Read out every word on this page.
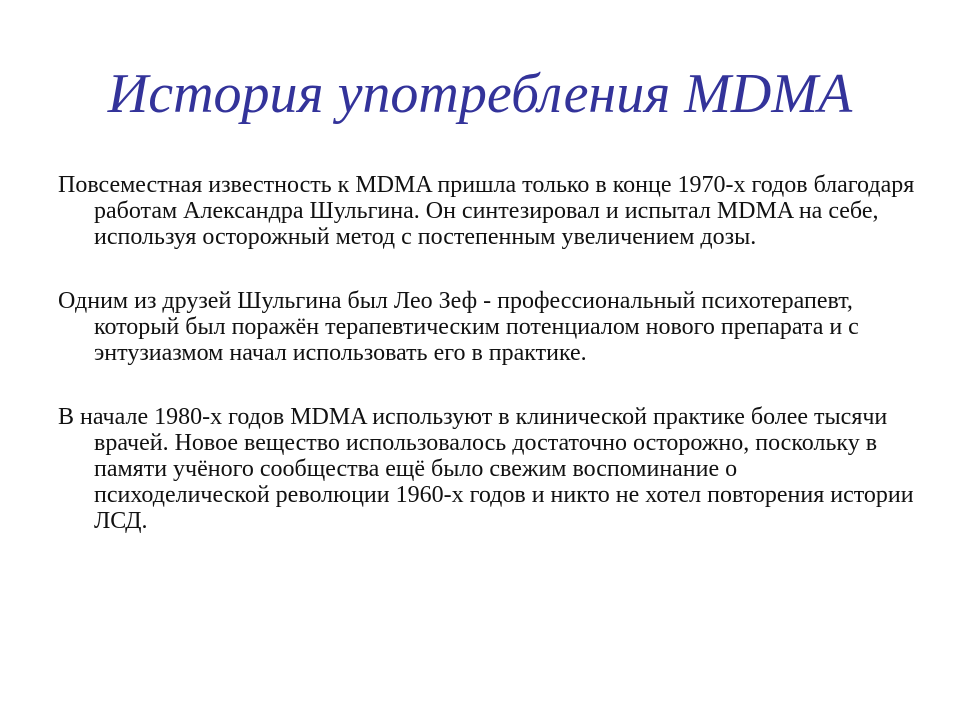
История употребления MDMA

Повсеместная известность к MDMA пришла только в конце 1970-х годов благодаря работам Александра Шульгина. Он синтезировал и испытал MDMA на себе, используя осторожный метод с постепенным увеличением дозы.

Одним из друзей Шульгина был Лео Зеф - профессиональный психотерапевт, который был поражён терапевтическим потенциалом нового препарата и с энтузиазмом начал использовать его в практике.

В начале 1980-х годов MDMA используют в клинической практике более тысячи врачей. Новое вещество использовалось достаточно осторожно, поскольку в памяти учёного сообщества ещё было свежим воспоминание о психоделической революции 1960-х годов и никто не хотел повторения истории ЛСД.
